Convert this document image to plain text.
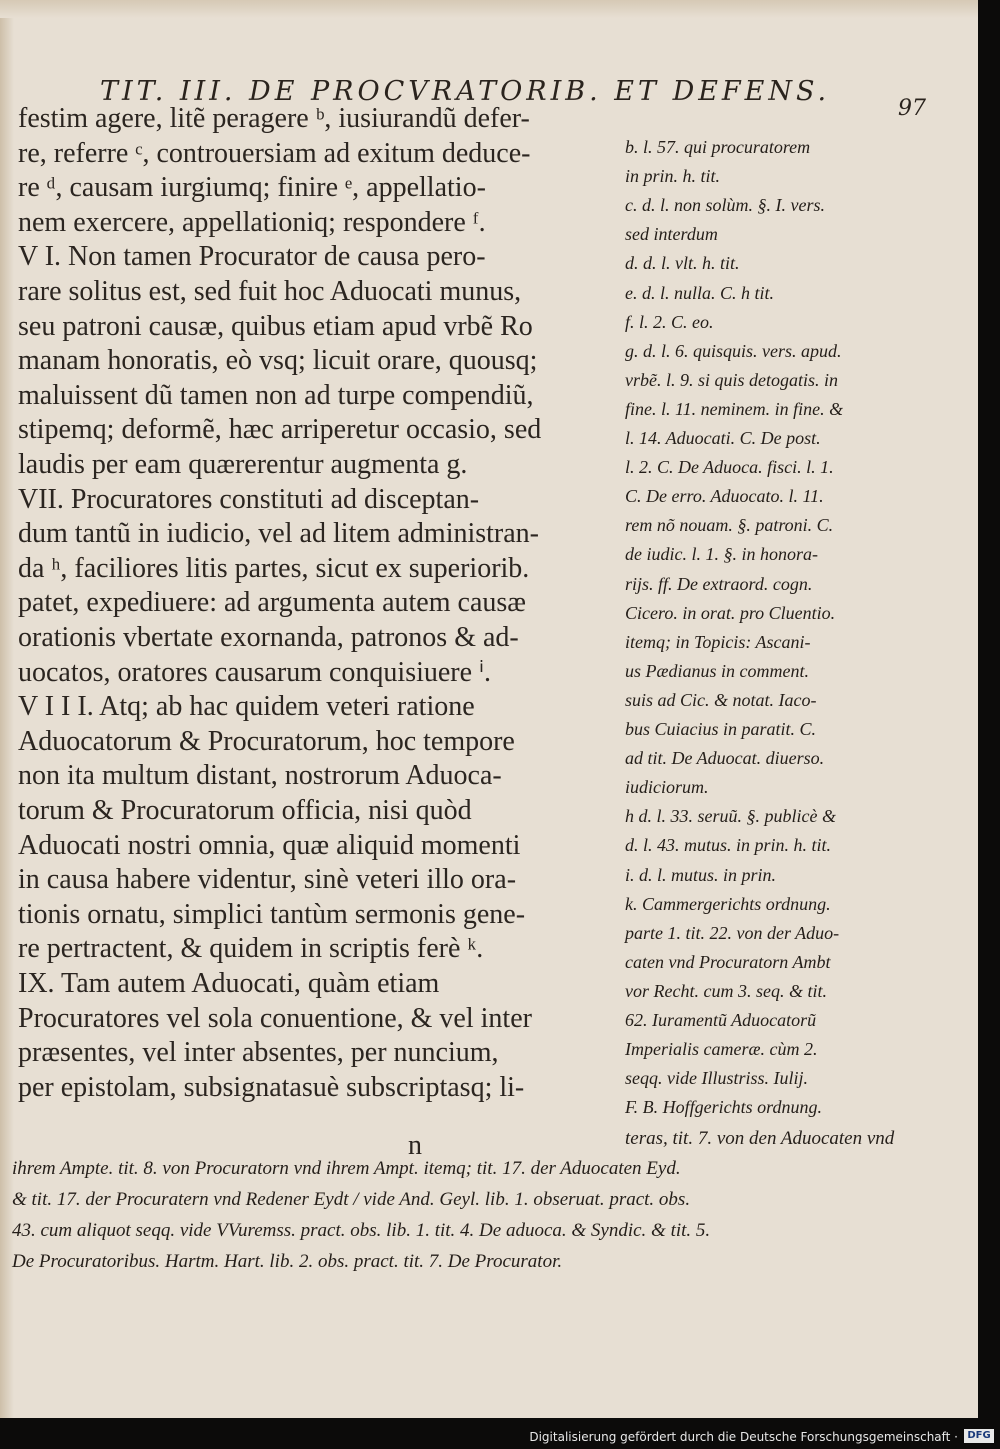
TIT. III. DE PROCVRATORIB. ET DEFENS.
97
festim agere, litẽ peragere ᵇ, iusiurandũ defer-
re, referre ᶜ, controuersiam ad exitum deduce-
re ᵈ, causam iurgiumq; finire ᵉ, appellatio-
nem exercere, appellationiq; respondere ᶠ.
V I. Non tamen Procurator de causa pero-
rare solitus est, sed fuit hoc Aduocati munus,
seu patroni causæ, quibus etiam apud vrbẽ Ro
manam honoratis, eò vsq; licuit orare, quousq;
maluissent dũ tamen non ad turpe compendiũ,
stipemq; deformẽ, hæc arriperetur occasio, sed
laudis per eam quærerentur augmenta g.
VII. Procuratores constituti ad disceptan-
dum tantũ in iudicio, vel ad litem administran-
da ʰ, faciliores litis partes, sicut ex superiorib.
patet, expediuere: ad argumenta autem causæ
orationis vbertate exornanda, patronos & ad-
uocatos, oratores causarum conquisiuere ⁱ.
V I I I. Atq; ab hac quidem veteri ratione
Aduocatorum & Procuratorum, hoc tempore
non ita multum distant, nostrorum Aduoca-
torum & Procuratorum officia, nisi quòd
Aduocati nostri omnia, quæ aliquid momenti
in causa habere videntur, sinè veteri illo ora-
tionis ornatu, simplici tantùm sermonis gene-
re pertractent, & quidem in scriptis ferè ᵏ.
IX. Tam autem Aduocati, quàm etiam
Procuratores vel sola conuentione, & vel inter
præsentes, vel inter absentes, per nuncium,
per epistolam, subsignatasuè subscriptasq; li-
b. l. 57. qui procuratorem
in prin. h. tit.
c. d. l. non solùm. §. I. vers.
sed interdum
d. d. l. vlt. h. tit.
e. d. l. nulla. C. h tit.
f. l. 2. C. eo.
g. d. l. 6. quisquis. vers. apud.
vrbẽ. l. 9. si quis detogatis. in
fine. l. 11. neminem. in fine. &
l. 14. Aduocati. C. De post.
l. 2. C. De Aduoca. fisci. l. 1.
C. De erro. Aduocato. l. 11.
rem nõ nouam. §. patroni. C.
de iudic. l. 1. §. in honora-
rijs. ff. De extraord. cogn.
Cicero. in orat. pro Cluentio.
itemq; in Topicis: Ascani-
us Pædianus in comment.
suis ad Cic. & notat. Iaco-
bus Cuiacius in paratit. C.
ad tit. De Aduocat. diuerso.
iudiciorum.
h d. l. 33. seruũ. §. publicè &
d. l. 43. mutus. in prin. h. tit.
i. d. l. mutus. in prin.
k. Cammergerichts ordnung.
parte 1. tit. 22. von der Aduo-
caten vnd Procuratorn Ambt
vor Recht. cum 3. seq. & tit.
62. Iuramentũ Aduocatorũ
Imperialis cameræ. cùm 2.
seqq. vide Illustriss. Iulij.
F. B. Hoffgerichts ordnung.
n	teras, tit. 7. von den Aduocaten vnd
ihrem Ampte. tit. 8. von Procuratorn vnd ihrem Ampt. itemq; tit. 17. der Aduocaten Eyd.
& tit. 17. der Procuratern vnd Redener Eydt / vide And. Geyl. lib. 1. obseruat. pract. obs.
43. cum aliquot seqq. vide VVuremss. pract. obs. lib. 1. tit. 4. De aduoca. & Syndic. & tit. 5.
De Procuratoribus. Hartm. Hart. lib. 2. obs. pract. tit. 7. De Procurator.
Digitalisierung gefördert durch die Deutsche Forschungsgemeinschaft · DFG
